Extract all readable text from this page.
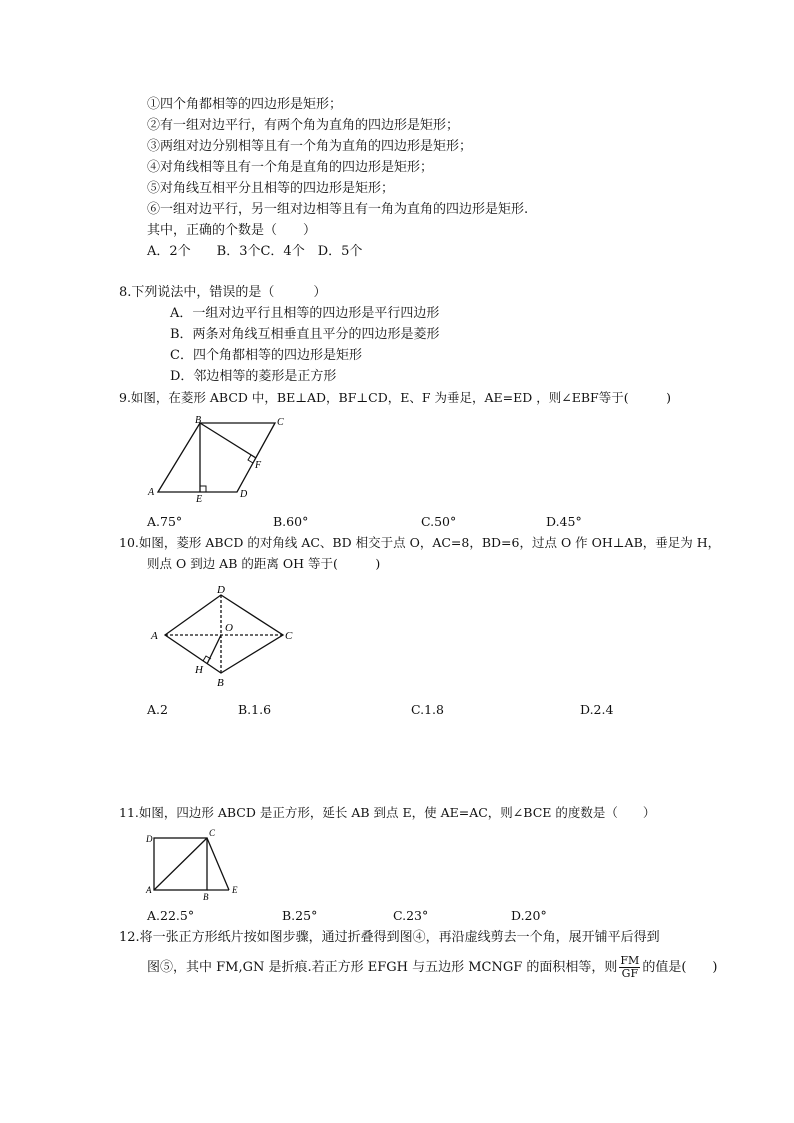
①四个角都相等的四边形是矩形；
②有一组对边平行，有两个角为直角的四边形是矩形；
③两组对边分别相等且有一个角为直角的四边形是矩形；
④对角线相等且有一个角是直角的四边形是矩形；
⑤对角线互相平分且相等的四边形是矩形；
⑥一组对边平行，另一组对边相等且有一角为直角的四边形是矩形.
其中，正确的个数是（　　）
A．2个　　B．3个C．4个　D．5个
8.下列说法中，错误的是（　　　）
A．一组对边平行且相等的四边形是平行四边形
B．两条对角线互相垂直且平分的四边形是菱形
C．四个角都相等的四边形是矩形
D．邻边相等的菱形是正方形
9.如图，在菱形 ABCD 中，BE⊥AD，BF⊥CD，E、F 为垂足，AE=ED ，则∠EBF等于(　　　)
A
B	C
D
E
F
A.75°	B.60°	C.50°	D.45°
10.如图，菱形 ABCD 的对角线 AC、BD 相交于点 O，AC=8，BD=6，过点 O 作 OH⊥AB，垂足为 H，
则点 O 到边 AB 的距离 OH 等于(　　　)
A
D
C
B
O
H
A.2	B.1.6	C.1.8	D.2.4
11.如图，四边形 ABCD 是正方形，延长 AB 到点 E，使 AE=AC，则∠BCE 的度数是（　　）
D
C
A
B
E
A.22.5°	B.25°	C.23°	D.20°
12.将一张正方形纸片按如图步骤，通过折叠得到图④，再沿虚线剪去一个角，展开铺平后得到
图⑤，其中 FM,GN 是折痕.若正方形 EFGH 与五边形 MCNGF 的面积相等，则 $\frac{FM}{GF}$ 的值是(　　)
